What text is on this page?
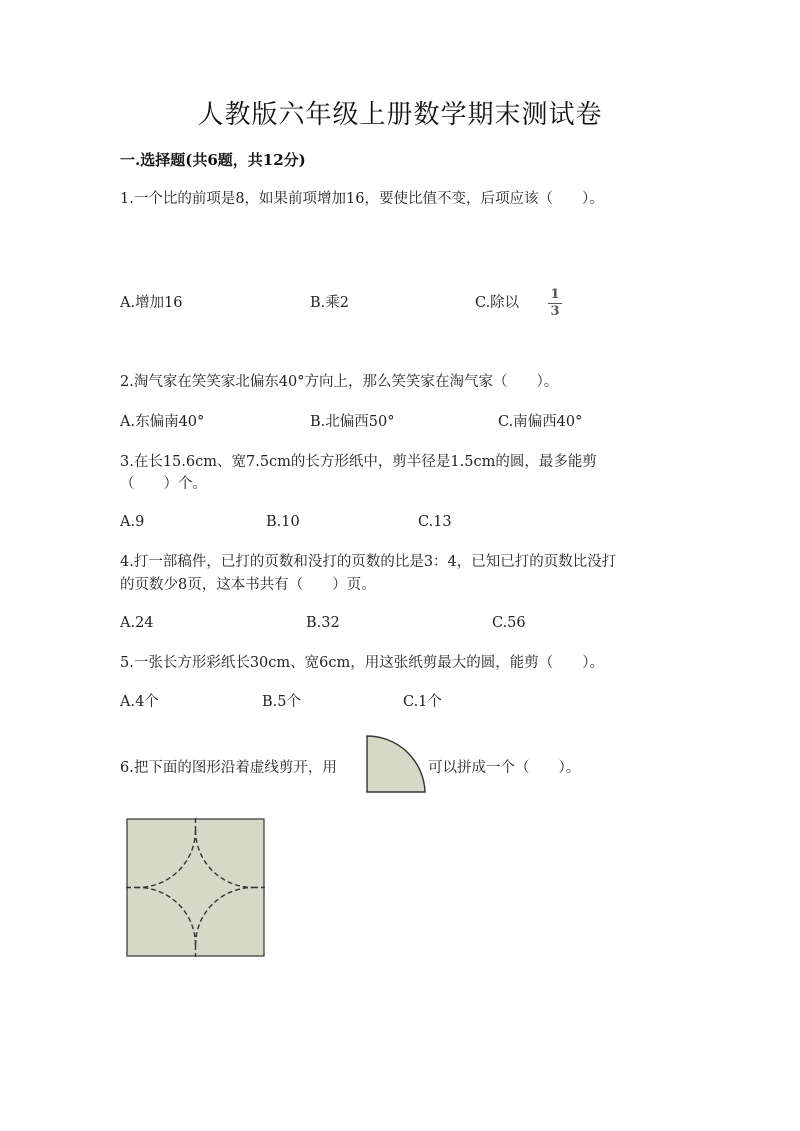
人教版六年级上册数学期末测试卷
一.选择题(共6题，共12分)
1.一个比的前项是8，如果前项增加16，要使比值不变，后项应该（　　）。
A.增加16	B.乘2	C.除以
1
3
2.淘气家在笑笑家北偏东40°方向上，那么笑笑家在淘气家（　　）。
A.东偏南40°	B.北偏西50°	C.南偏西40°
3.在长15.6cm、宽7.5cm的长方形纸中，剪半径是1.5cm的圆，最多能剪
（　　）个。
A.9	B.10	C.13
4.打一部稿件，已打的页数和没打的页数的比是3：4，已知已打的页数比没打
的页数少8页，这本书共有（　　）页。
A.24	B.32	C.56
5.一张长方形彩纸长30cm、宽6cm，用这张纸剪最大的圆，能剪（　　）。
A.4个	B.5个	C.1个
6.把下面的图形沿着虚线剪开，用	可以拼成一个（　　）。
